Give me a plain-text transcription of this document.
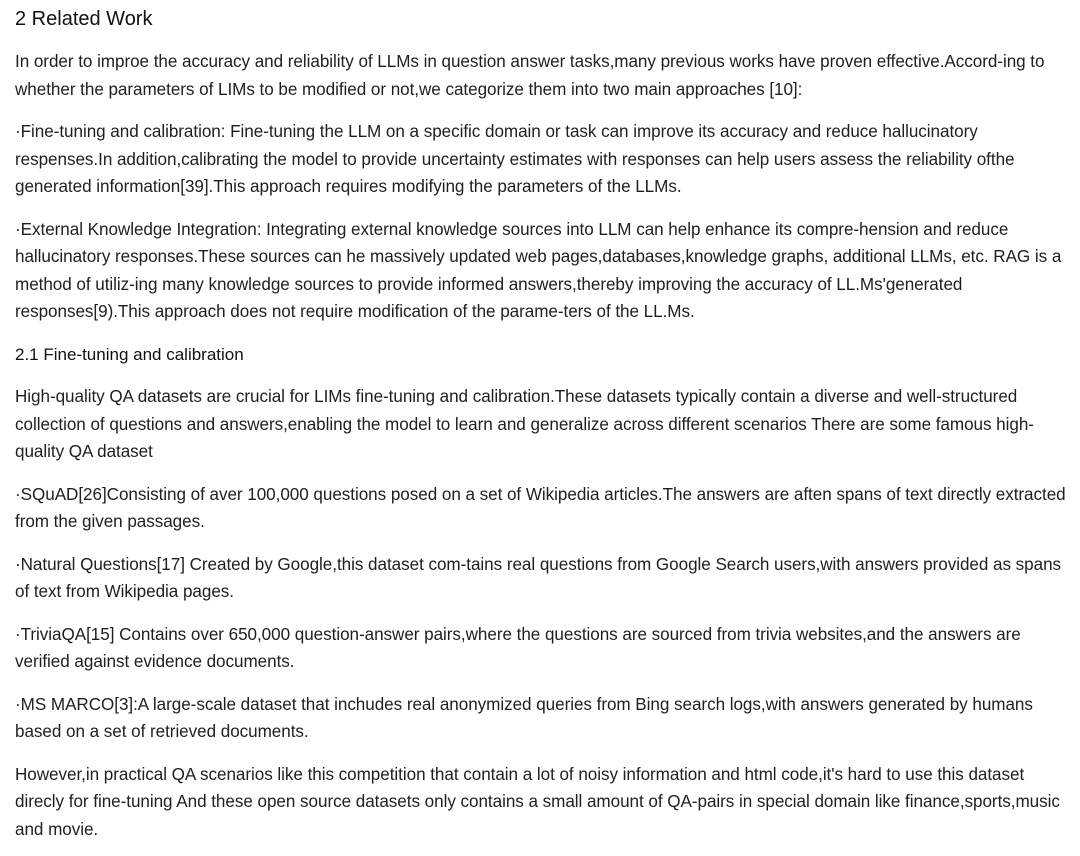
2 Related Work

In order to improe the accuracy and reliability of LLMs in question answer tasks,many previous works have proven effective.Accord-ing to whether the parameters of LIMs to be modified or not,we categorize them into two main approaches [10]:

·Fine-tuning and calibration: Fine-tuning the LLM on a specific domain or task can improve its accuracy and reduce hallucinatory respenses.In addition,calibrating the model to provide uncertainty estimates with responses can help users assess the reliability ofthe generated information[39].This approach requires modifying the parameters of the LLMs.

·External Knowledge Integration: Integrating external knowledge sources into LLM can help enhance its compre-hension and reduce hallucinatory responses.These sources can he massively updated web pages,databases,knowledge graphs, additional LLMs, etc. RAG is a method of utiliz-ing many knowledge sources to provide informed answers,thereby improving the accuracy of LL.Ms'generated responses[9).This approach does not require modification of the parame-ters of the LL.Ms.

2.1 Fine-tuning and calibration

High-quality QA datasets are crucial for LIMs fine-tuning and calibration.These datasets typically contain a diverse and well-structured collection of questions and answers,enabling the model to learn and generalize across different scenarios There are some famous high-quality QA dataset

·SQuAD[26]Consisting of aver 100,000 questions posed on a set of Wikipedia articles.The answers are aften spans of text directly extracted from the given passages.

·Natural Questions[17] Created by Google,this dataset com-tains real questions from Google Search users,with answers provided as spans of text from Wikipedia pages.

·TriviaQA[15] Contains over 650,000 question-answer pairs,where the questions are sourced from trivia websites,and the answers are verified against evidence documents.

·MS MARCO[3]:A large-scale dataset that inchudes real anonymized queries from Bing search logs,with answers generated by humans based on a set of retrieved documents.

However,in practical QA scenarios like this competition that contain a lot of noisy information and html code,it's hard to use this dataset direcly for fine-tuning And these open source datasets only contains a small amount of QA-pairs in special domain like finance,sports,music and movie.
